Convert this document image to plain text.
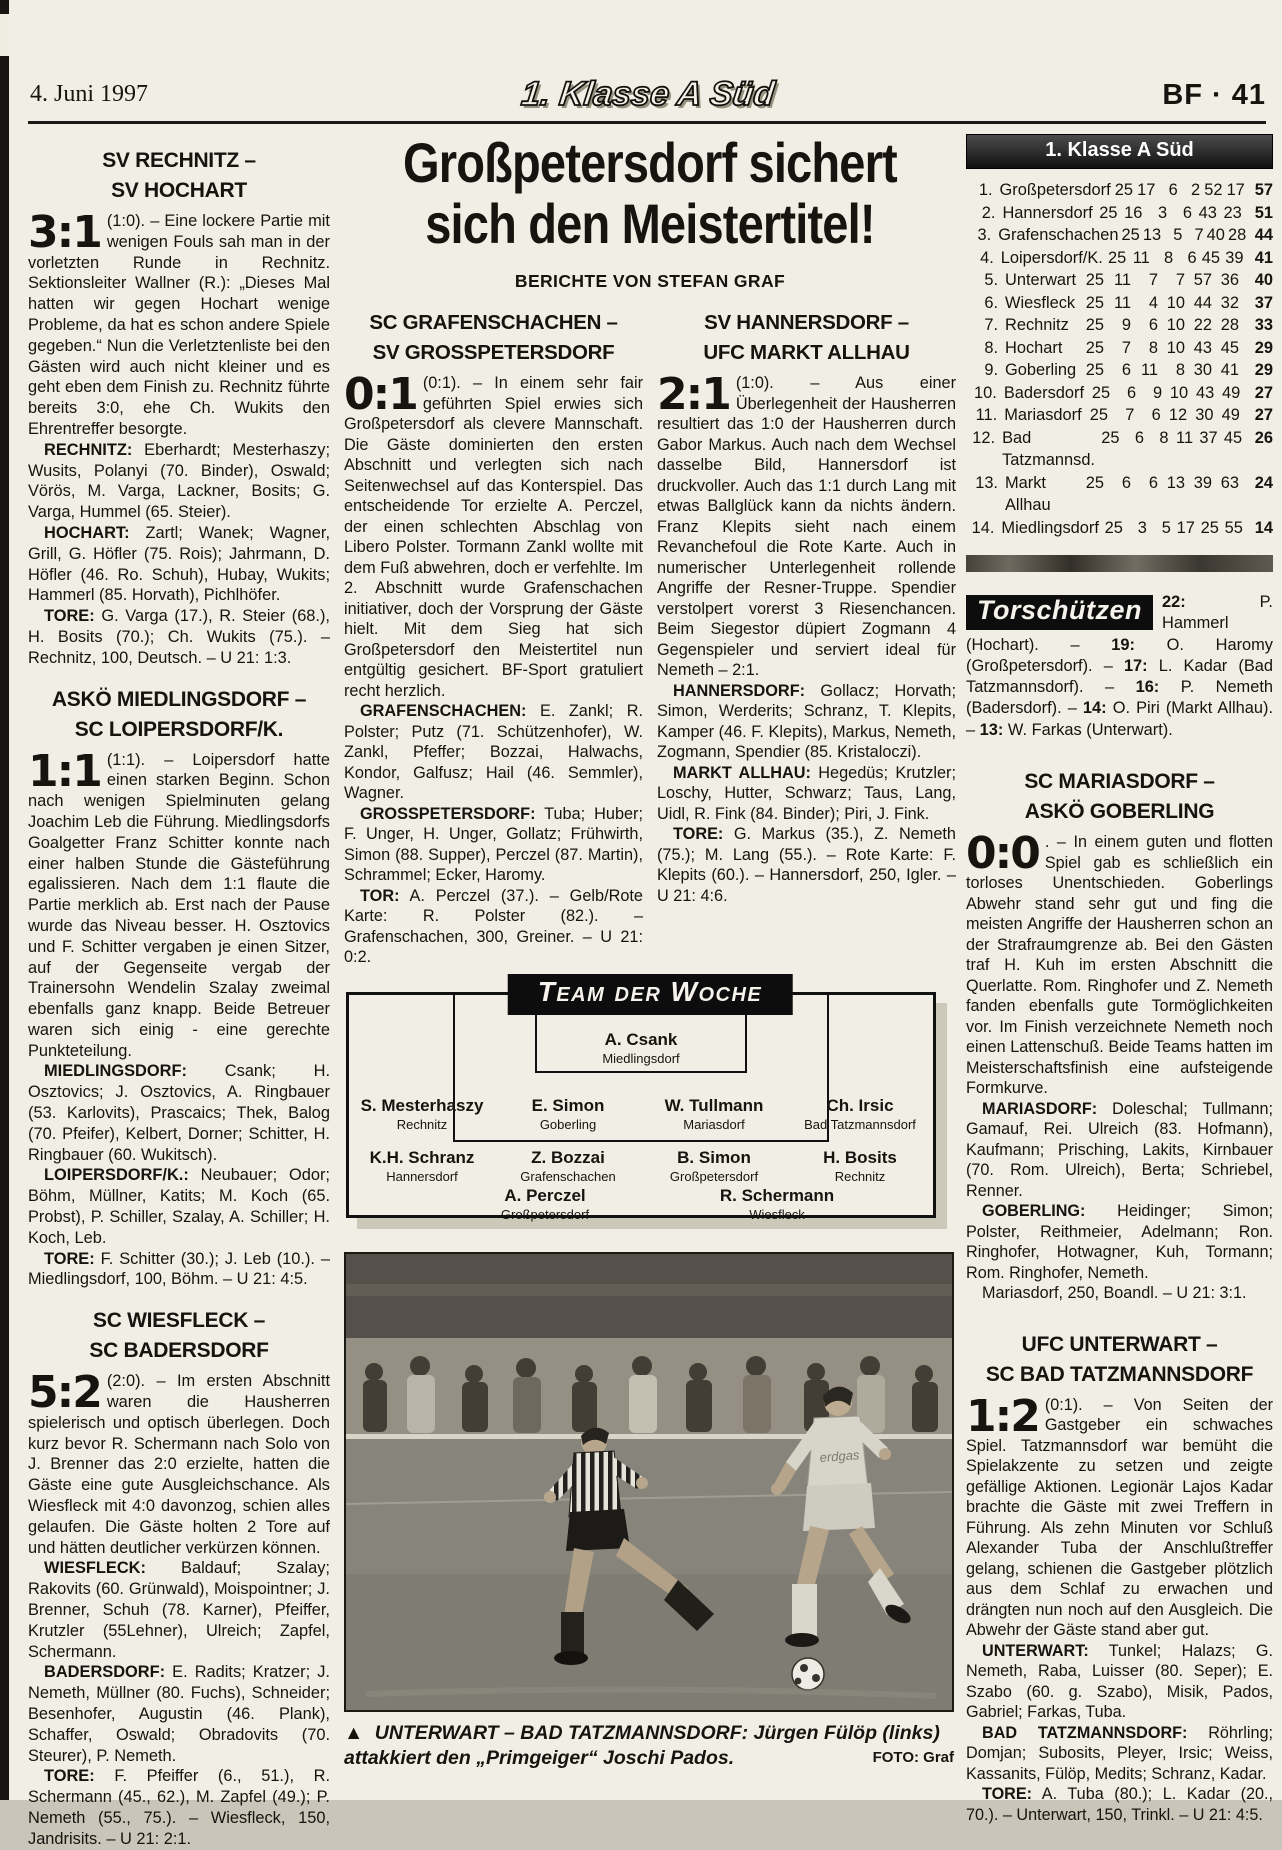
4. Juni 1997	1. Klasse A Süd	BF · 41
SV RECHNITZ –
SV HOCHART

3:1 (1:0). – Eine lockere Partie mit wenigen Fouls sah man in der vorletzten Runde in Rechnitz. Sektionsleiter Wallner (R.): „Dieses Mal hatten wir gegen Hochart wenige Probleme, da hat es schon andere Spiele gegeben.“ Nun die Verletztenliste bei den Gästen wird auch nicht kleiner und es geht eben dem Finish zu. Rechnitz führte bereits 3:0, ehe Ch. Wukits den Ehrentreffer besorgte.

RECHNITZ: Eberhardt; Mesterhaszy; Wusits, Polanyi (70. Binder), Oswald; Vörös, M. Varga, Lackner, Bosits; G. Varga, Hummel (65. Steier).

HOCHART: Zartl; Wanek; Wagner, Grill, G. Höfler (75. Rois); Jahrmann, D. Höfler (46. Ro. Schuh), Hubay, Wukits; Hammerl (85. Horvath), Pichlhöfer.

TORE: G. Varga (17.), R. Steier (68.), H. Bosits (70.); Ch. Wukits (75.). – Rechnitz, 100, Deutsch. – U 21: 1:3.

ASKÖ MIEDLINGSDORF –
SC LOIPERSDORF/K.

1:1 (1:1). – Loipersdorf hatte einen starken Beginn. Schon nach wenigen Spielminuten gelang Joachim Leb die Führung. Miedlingsdorfs Goalgetter Franz Schitter konnte nach einer halben Stunde die Gästeführung egalissieren. Nach dem 1:1 flaute die Partie merklich ab. Erst nach der Pause wurde das Niveau besser. H. Osztovics und F. Schitter vergaben je einen Sitzer, auf der Gegenseite vergab der Trainersohn Wendelin Szalay zweimal ebenfalls ganz knapp. Beide Betreuer waren sich einig - eine gerechte Punkteteilung.

MIEDLINGSDORF: Csank; H. Osztovics; J. Osztovics, A. Ringbauer (53. Karlovits), Prascaics; Thek, Balog (70. Pfeifer), Kelbert, Dorner; Schitter, H. Ringbauer (60. Wukitsch).

LOIPERSDORF/K.: Neubauer; Odor; Böhm, Müllner, Katits; M. Koch (65. Probst), P. Schiller, Szalay, A. Schiller; H. Koch, Leb.

TORE: F. Schitter (30.); J. Leb (10.). – Miedlingsdorf, 100, Böhm. – U 21: 4:5.

SC WIESFLECK –
SC BADERSDORF

5:2 (2:0). – Im ersten Abschnitt waren die Hausherren spielerisch und optisch überlegen. Doch kurz bevor R. Schermann nach Solo von J. Brenner das 2:0 erzielte, hatten die Gäste eine gute Ausgleichschance. Als Wiesfleck mit 4:0 davonzog, schien alles gelaufen. Die Gäste holten 2 Tore auf und hätten deutlicher verkürzen können.

WIESFLECK: Baldauf; Szalay; Rakovits (60. Grünwald), Moispointner; J. Brenner, Schuh (78. Karner), Pfeiffer, Krutzler (55Lehner), Ulreich; Zapfel, Schermann.

BADERSDORF: E. Radits; Kratzer; J. Nemeth, Müllner (80. Fuchs), Schneider; Besenhofer, Augustin (46. Plank), Schaffer, Oswald; Obradovits (70. Steurer), P. Nemeth.

TORE: F. Pfeiffer (6., 51.), R. Schermann (45., 62.), M. Zapfel (49.); P. Nemeth (55., 75.). – Wiesfleck, 150, Jandrisits. – U 21: 2:1.

Großpetersdorf sichert
sich den Meistertitel!
BERICHTE VON STEFAN GRAF
SC GRAFENSCHACHEN –
SV GROSSPETERSDORF

0:1 (0:1). – In einem sehr fair geführten Spiel erwies sich Großpetersdorf als clevere Mannschaft. Die Gäste dominierten den ersten Abschnitt und verlegten sich nach Seitenwechsel auf das Konterspiel. Das entscheidende Tor erzielte A. Perczel, der einen schlechten Abschlag von Libero Polster. Tormann Zankl wollte mit dem Fuß abwehren, doch er verfehlte. Im 2. Abschnitt wurde Grafenschachen initiativer, doch der Vorsprung der Gäste hielt. Mit dem Sieg hat sich Großpetersdorf den Meistertitel nun entgültig gesichert. BF-Sport gratuliert recht herzlich.

GRAFENSCHACHEN: E. Zankl; R. Polster; Putz (71. Schützenhofer), W. Zankl, Pfeffer; Bozzai, Halwachs, Kondor, Galfusz; Hail (46. Semmler), Wagner.

GROSSPETERSDORF: Tuba; Huber; F. Unger, H. Unger, Gollatz; Frühwirth, Simon (88. Supper), Perczel (87. Martin), Schrammel; Ecker, Haromy.

TOR: A. Perczel (37.). – Gelb/Rote Karte: R. Polster (82.). – Grafenschachen, 300, Greiner. – U 21: 0:2.

SV HANNERSDORF –
UFC MARKT ALLHAU

2:1 (1:0). – Aus einer Überlegenheit der Hausherren resultiert das 1:0 der Hausherren durch Gabor Markus. Auch nach dem Wechsel dasselbe Bild, Hannersdorf ist druckvoller. Auch das 1:1 durch Lang mit etwas Ballglück kann da nichts ändern. Franz Klepits sieht nach einem Revanchefoul die Rote Karte. Auch in numerischer Unterlegenheit rollende Angriffe der Resner-Truppe. Spendier verstolpert vorerst 3 Riesenchancen. Beim Siegestor düpiert Zogmann 4 Gegenspieler und serviert ideal für Nemeth – 2:1.

HANNERSDORF: Gollacz; Horvath; Simon, Werderits; Schranz, T. Klepits, Kamper (46. F. Klepits), Markus, Nemeth, Zogmann, Spendier (85. Kristaloczi).

MARKT ALLHAU: Hegedüs; Krutzler; Loschy, Hutter, Schwarz; Taus, Lang, Uidl, R. Fink (84. Binder); Piri, J. Fink.

TORE: G. Markus (35.), Z. Nemeth (75.); M. Lang (55.). – Rote Karte: F. Klepits (60.). – Hannersdorf, 250, Igler. – U 21: 4:6.

A. Csank
Miedlingsdorf
S. Mesterhaszy
Rechnitz
E. Simon
Goberling
W. Tullmann
Mariasdorf
Ch. Irsic
Bad Tatzmannsdorf
K.H. Schranz
Hannersdorf
Z. Bozzai
Grafenschachen
B. Simon
Großpetersdorf
H. Bosits
Rechnitz
A. Perczel
Großpetersdorf
R. Schermann
Wiesfleck
Team der Woche
erdgas

▲ UNTERWART – BAD TATZMANNSDORF: Jürgen Fülöp (links) attakkiert den „Primgeiger“ Joschi Pados.	FOTO: Graf

1. Klasse A Süd
1. Großpetersdorf 25 17 6 2 52 17 57
2. Hannersdorf 25 16 3 6 43 23 51
3. Grafenschachen 25 13 5 7 40 28 44
4. Loipersdorf/K. 25 11 8 6 45 39 41
5. Unterwart 25 11	7	7 57 36 40
6. Wiesfleck 25 11	4 10 44 32 37
7. Rechnitz	25	9	6 10 22 28 33
8. Hochart	25	7	8 10 43 45 29
9. Goberling 25	6 11	8 30 41 29
10. Badersdorf 25	6	9 10 43 49 27
11. Mariasdorf 25	7	6 12 30 49 27
12. Bad Tatzmannsd.
25 6 8 11 37 45 26
13. Markt Allhau
25	6	6 13 39 63 24
14. Miedlingsdorf 25 3 5 17 25 55 14
Torschützen	22: P. Hammerl (Hochart). – 19: O. Haromy (Großpetersdorf). – 17: L. Kadar (Bad Tatzmannsdorf). – 16: P. Nemeth (Badersdorf). – 14: O. Piri (Markt Allhau). – 13: W. Farkas (Unterwart).
SC MARIASDORF –
ASKÖ GOBERLING

0:0 . – In einem guten und flotten Spiel gab es schließlich ein torloses Unentschieden. Goberlings Abwehr stand sehr gut und fing die meisten Angriffe der Hausherren schon an der Strafraumgrenze ab. Bei den Gästen traf H. Kuh im ersten Abschnitt die Querlatte. Rom. Ringhofer und Z. Nemeth fanden ebenfalls gute Tormöglichkeiten vor. Im Finish verzeichnete Nemeth noch einen Lattenschuß. Beide Teams hatten im Meisterschaftsfinish eine aufsteigende Formkurve.

MARIASDORF: Doleschal; Tullmann; Gamauf, Rei. Ulreich (83. Hofmann), Kaufmann; Prisching, Lakits, Kirnbauer (70. Rom. Ulreich), Berta; Schriebel, Renner.

GOBERLING: Heidinger; Simon; Polster, Reithmeier, Adelmann; Ron. Ringhofer, Hotwagner, Kuh, Tormann; Rom. Ringhofer, Nemeth.

Mariasdorf, 250, Boandl. – U 21: 3:1.

UFC UNTERWART –
SC BAD TATZMANNSDORF

1:2 (0:1). – Von Seiten der Gastgeber ein schwaches Spiel. Tatzmannsdorf war bemüht die Spielakzente zu setzen und zeigte gefällige Aktionen. Legionär Lajos Kadar brachte die Gäste mit zwei Treffern in Führung. Als zehn Minuten vor Schluß Alexander Tuba der Anschlußtreffer gelang, schienen die Gastgeber plötzlich aus dem Schlaf zu erwachen und drängten nun noch auf den Ausgleich. Die Abwehr der Gäste stand aber gut.

UNTERWART: Tunkel; Halazs; G. Nemeth, Raba, Luisser (80. Seper); E. Szabo (60. g. Szabo), Misik, Pados, Gabriel; Farkas, Tuba.

BAD TATZMANNSDORF: Röhrling; Domjan; Subosits, Pleyer, Irsic; Weiss, Kassanits, Fülöp, Medits; Schranz, Kadar.

TORE: A. Tuba (80.); L. Kadar (20., 70.). – Unterwart, 150, Trinkl. – U 21: 4:5.
